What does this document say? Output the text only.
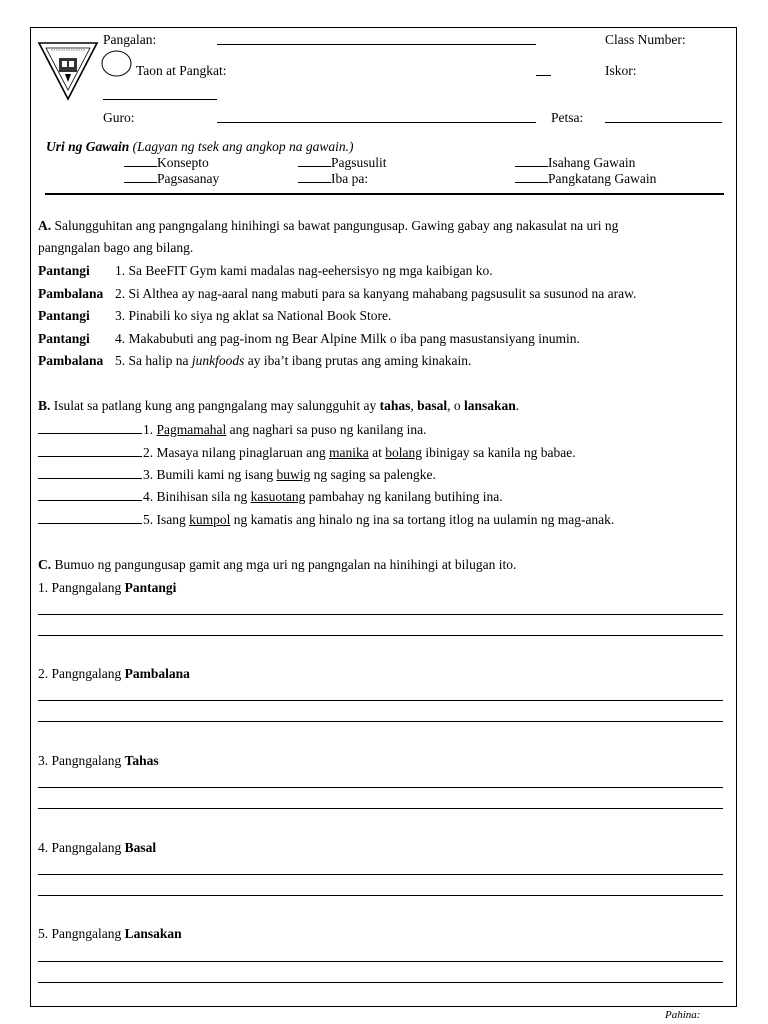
Pangalan:	Class Number:
Taon at Pangkat:	Iskor:
Guro:	Petsa:
Uri ng Gawain (Lagyan ng tsek ang angkop na gawain.)
Konsepto	Pagsusulit	Isahang Gawain
Pagsasanay	Iba pa:	Pangkatang Gawain
A. Salungguhitan ang pangngalang hinihingi sa bawat pangungusap. Gawing gabay ang nakasulat na uri ng
pangngalan bago ang bilang.
Pantangi 1. Sa BeeFIT Gym kami madalas nag-eehersisyo ng mga kaibigan ko.
Pambalana 2. Si Althea ay nag-aaral nang mabuti para sa kanyang mahabang pagsusulit sa susunod na araw.
Pantangi 3. Pinabili ko siya ng aklat sa National Book Store.
Pantangi 4. Makabubuti ang pag-inom ng Bear Alpine Milk o iba pang masustansiyang inumin.
Pambalana 5. Sa halip na junkfoods ay iba’t ibang prutas ang aming kinakain.
B. Isulat sa patlang kung ang pangngalang may salungguhit ay tahas, basal, o lansakan.
1. Pagmamahal ang naghari sa puso ng kanilang ina.
2. Masaya nilang pinaglaruan ang manika at bolang ibinigay sa kanila ng babae.
3. Bumili kami ng isang buwig ng saging sa palengke.
4. Binihisan sila ng kasuotang pambahay ng kanilang butihing ina.
5. Isang kumpol ng kamatis ang hinalo ng ina sa tortang itlog na uulamin ng mag-anak.
C. Bumuo ng pangungusap gamit ang mga uri ng pangngalan na hinihingi at bilugan ito.
1. Pangngalang Pantangi
2. Pangngalang Pambalana
3. Pangngalang Tahas
4. Pangngalang Basal
5. Pangngalang Lansakan
Pahina:
